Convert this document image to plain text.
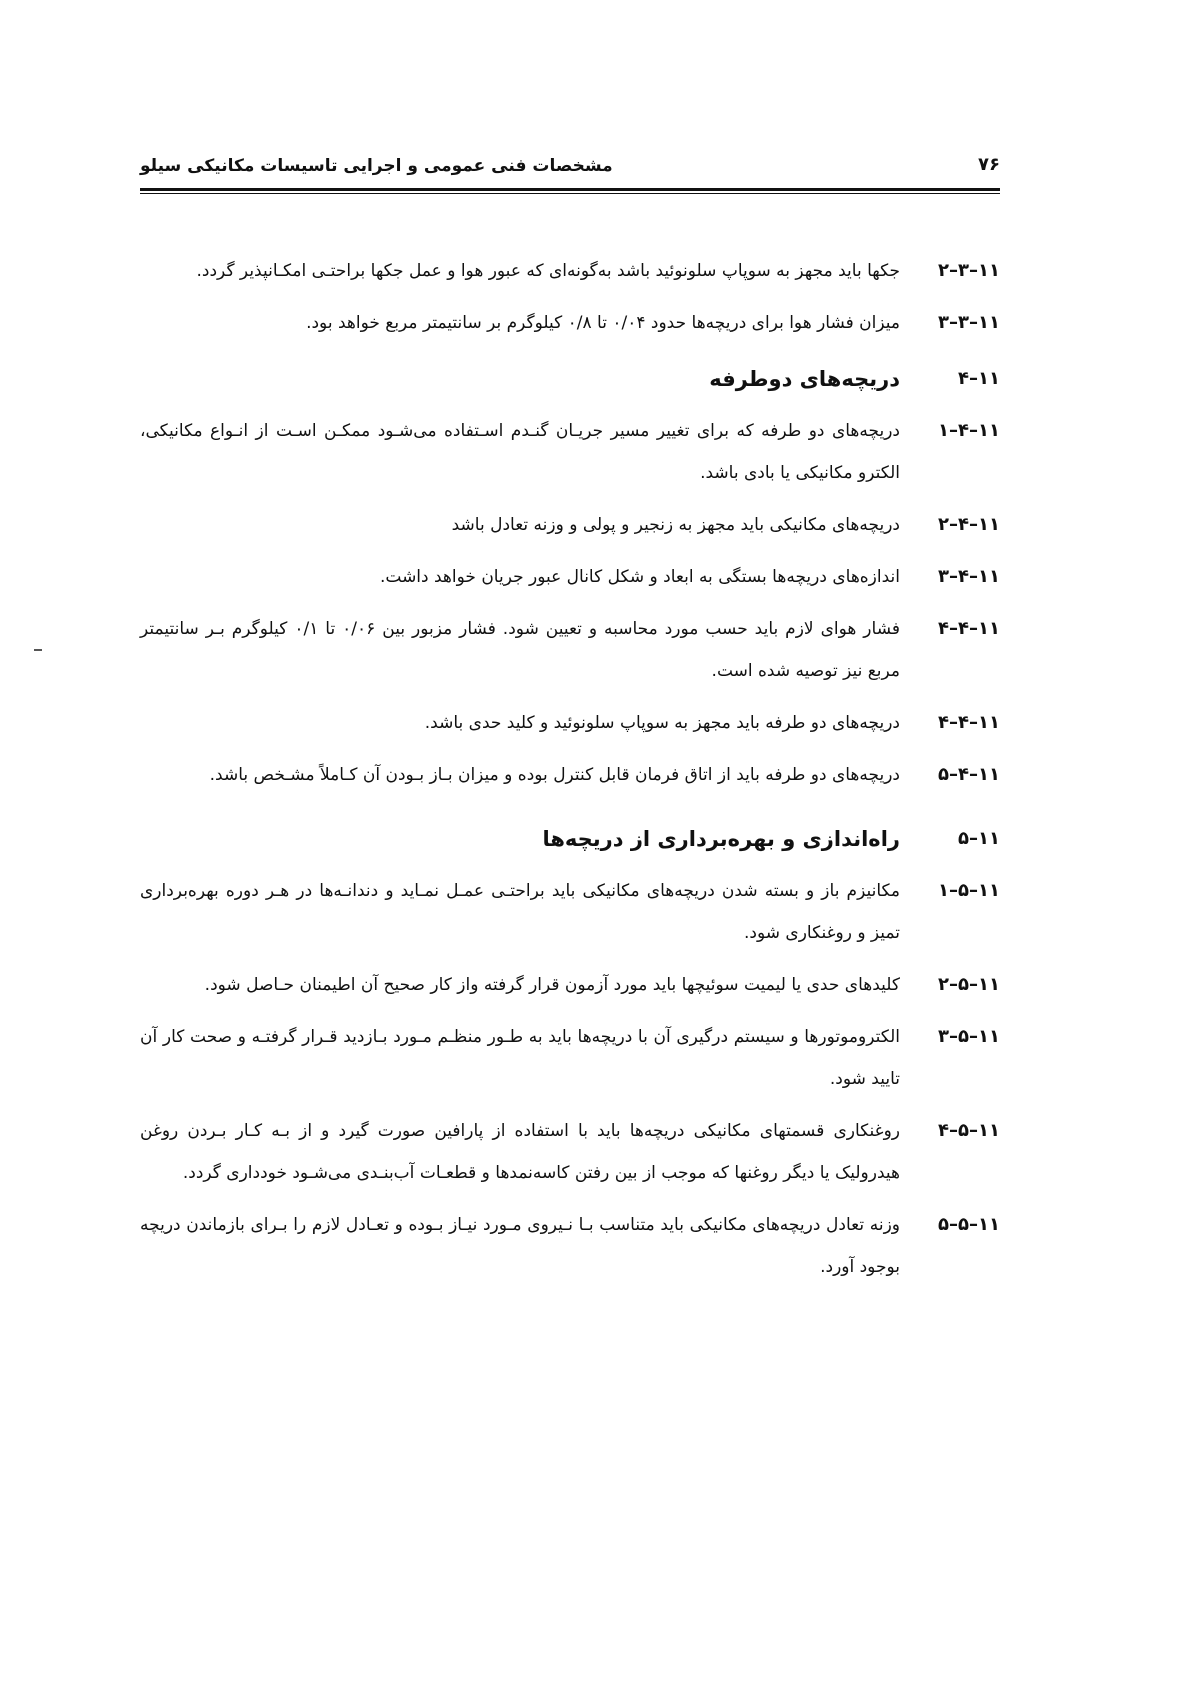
۷۶
مشخصات فنی عمومی و اجرایی تاسیسات مکانیکی سیلو
۱۱–۳–۲
جکها باید مجهز به سوپاپ سلونوئید باشد به‌گونه‌ای که عبور هوا و عمل جکها براحتـی امکـانپذیر گردد.
۱۱–۳–۳
میزان فشار هوا برای دریچه‌ها حدود ۰/۰۴ تا ۰/۸ کیلوگرم بر سانتیمتر مربع خواهد بود.
۱۱–۴
دریچه‌های دوطرفه
۱۱–۴–۱
دریچه‌های دو طرفه که برای تغییر مسیر جریـان گنـدم اسـتفاده می‌شـود ممکـن اسـت از انـواع مکانیکی، الکترو مکانیکی یا بادی باشد.
۱۱–۴–۲
دریچه‌های مکانیکی باید مجهز به زنجیر و پولی و وزنه تعادل باشد
۱۱–۴–۳
اندازه‌های دریچه‌ها بستگی به ابعاد و شکل کانال عبور جریان خواهد داشت.
۱۱–۴–۴
فشار هوای لازم باید حسب مورد محاسبه و تعیین شود. فشار مزبور بین ۰/۰۶ تا ۰/۱ کیلوگرم بـر سانتیمتر مربع نیز توصیه شده است.
۱۱–۴–۴
دریچه‌های دو طرفه باید مجهز به سوپاپ سلونوئید و کلید حدی باشد.
۱۱–۴–۵
دریچه‌های دو طرفه باید از اتاق فرمان قابل کنترل بوده و میزان بـاز بـودن آن کـاملاً مشـخص باشد.
۱۱–۵
راه‌اندازی و بهره‌برداری از دریچه‌ها
۱۱–۵–۱
مکانیزم باز و بسته شدن دریچه‌های مکانیکی باید براحتـی عمـل نمـاید و دندانـه‌ها در هـر دوره بهره‌برداری تمیز و روغنکاری شود.
۱۱–۵–۲
کلیدهای حدی یا لیمیت سوئیچها باید مورد آزمون قرار گرفته واز کار صحیح آن اطیمنان حـاصل شود.
۱۱–۵–۳
الکتروموتورها و سیستم درگیری آن با دریچه‌ها باید به طـور منظـم مـورد بـازدید قـرار گرفتـه و صحت کار آن تایید شود.
۱۱–۵–۴
روغنکاری قسمتهای مکانیکی دریچه‌ها باید با استفاده از پارافین صورت گیرد و از بـه کـار بـردن روغن هیدرولیک یا دیگر روغنها که موجب از بین رفتن کاسه‌نمدها و قطعـات آب‌بنـدی می‌شـود خودداری گردد.
۱۱–۵–۵
وزنه تعادل دریچه‌های مکانیکی باید متناسب بـا نـیروی مـورد نیـاز بـوده و تعـادل لازم را بـرای بازماندن دریچه بوجود آورد.
